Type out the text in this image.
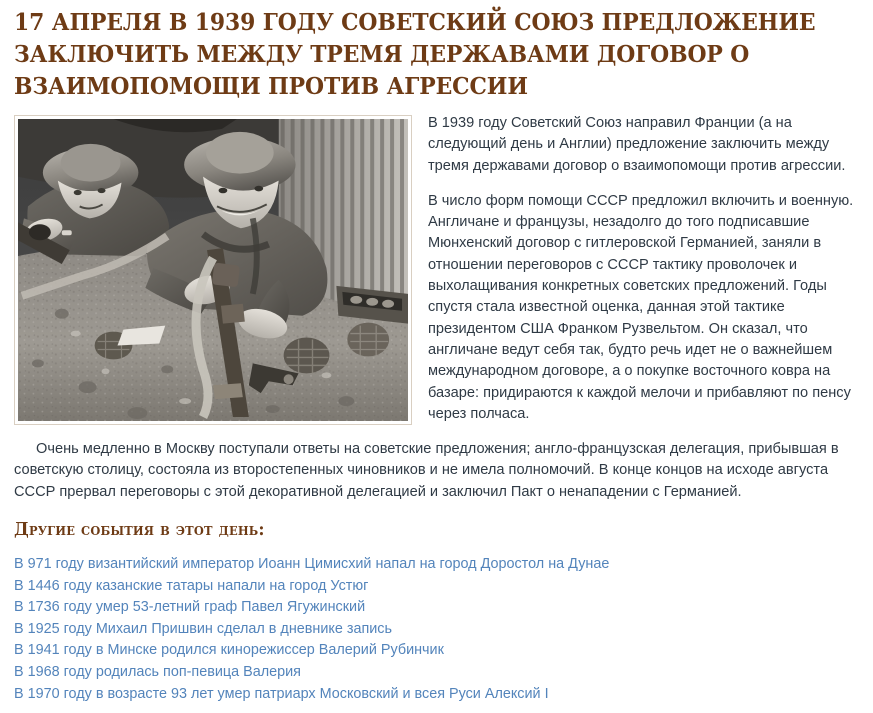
17 АПРЕЛЯ В 1939 ГОДУ СОВЕТСКИЙ СОЮЗ ПРЕДЛОЖЕНИЕ ЗАКЛЮЧИТЬ МЕЖДУ ТРЕМЯ ДЕРЖАВАМИ ДОГОВОР О ВЗАИМОПОМОЩИ ПРОТИВ АГРЕССИИ

В 1939 году Советский Союз направил Франции (а на следующий день и Англии) предложение заключить между тремя державами договор о взаимопомощи против агрессии.

В число форм помощи СССР предложил включить и военную. Англичане и французы, незадолго до того подписавшие Мюнхенский договор с гитлеровской Германией, заняли в отношении переговоров с СССР тактику проволочек и выхолащивания конкретных советских предложений. Годы спустя стала известной оценка, данная этой тактике президентом США Франком Рузвельтом. Он сказал, что англичане ведут себя так, будто речь идет не о важнейшем международном договоре, а о покупке восточного ковра на базаре: придираются к каждой мелочи и прибавляют по пенсу через полчаса.

Очень медленно в Москву поступали ответы на советские предложения; англо-французская делегация, прибывшая в советскую столицу, состояла из второстепенных чиновников и не имела полномочий. В конце концов на исходе августа СССР прервал переговоры с этой декоративной делегацией и заключил Пакт о ненападении с Германией.

Другие события в этот день:
В 971 году византийский император Иоанн Цимисхий напал на город Доростол на Дунае
В 1446 году казанские татары напали на город Устюг
В 1736 году умер 53-летний граф Павел Ягужинский
В 1925 году Михаил Пришвин сделал в дневнике запись
В 1941 году в Минске родился кинорежиссер Валерий Рубинчик
В 1968 году родилась поп-певица Валерия
В 1970 году в возрасте 93 лет умер патриарх Московский и всея Руси Алексий I
